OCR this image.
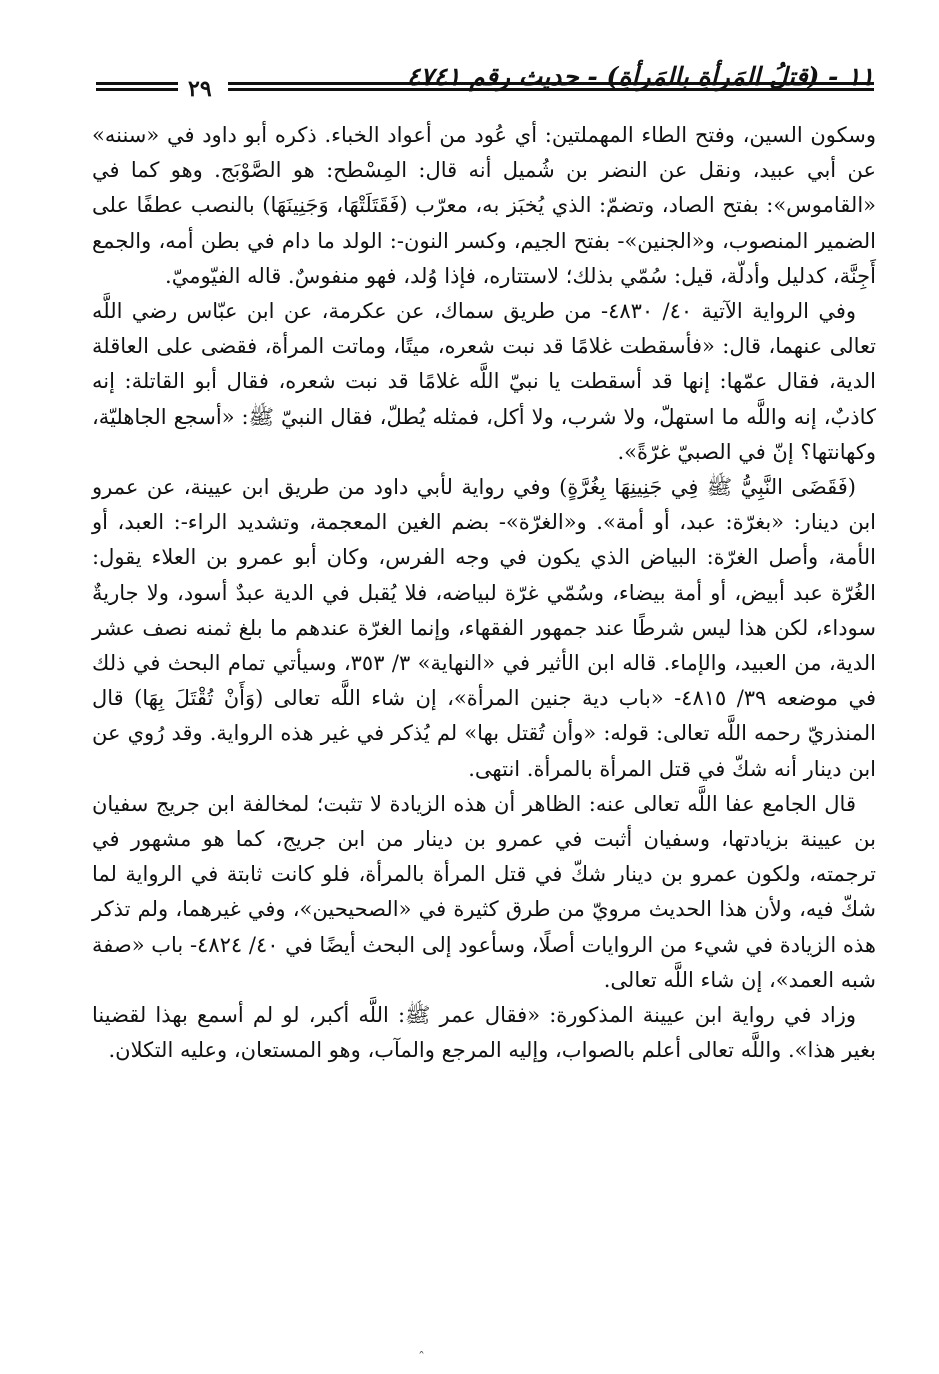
١١ - (قتلُ المَرأةِ بالمَرأةِ) - حديث رقم ٤٧٤١
٢٩

وسكون السين، وفتح الطاء المهملتين: أي عُود من أعواد الخباء. ذكره أبو داود في «سننه» عن أبي عبيد، ونقل عن النضر بن شُميل أنه قال: المِسْطح: هو الصَّوْبَج. وهو كما في «القاموس»: بفتح الصاد، وتضمّ: الذي يُخبَز به، معرّب (فَقَتَلَتْهَا، وَجَنِينَهَا) بالنصب عطفًا على الضمير المنصوب، و«الجنين»- بفتح الجيم، وكسر النون-: الولد ما دام في بطن أمه، والجمع أَجِنَّة، كدليل وأدلّة، قيل: سُمّي بذلك؛ لاستتاره، فإذا وُلد، فهو منفوسٌ. قاله الفيّوميّ.

وفي الرواية الآتية ٤٠/ ٤٨٣٠- من طريق سماك، عن عكرمة، عن ابن عبّاس رضي اللَّه تعالى عنهما، قال: «فأسقطت غلامًا قد نبت شعره، ميتًا، وماتت المرأة، فقضى على العاقلة الدية، فقال عمّها: إنها قد أسقطت يا نبيّ اللَّه غلامًا قد نبت شعره، فقال أبو القاتلة: إنه كاذبٌ، إنه واللَّه ما استهلّ، ولا شرب، ولا أكل، فمثله يُطلّ، فقال النبيّ ﷺ: «أسجع الجاهليّة، وكهانتها؟ إنّ في الصبيّ غرّةً».

(فَقَضَى النَّبِيُّ ﷺ فِي جَنِينِهَا بِغُرَّةٍ) وفي رواية لأبي داود من طريق ابن عيينة، عن عمرو ابن دينار: «بغرّة: عبد، أو أمة». و«الغرّة»- بضم الغين المعجمة، وتشديد الراء-: العبد، أو الأمة، وأصل الغرّة: البياض الذي يكون في وجه الفرس، وكان أبو عمرو بن العلاء يقول: الغُرّة عبد أبيض، أو أمة بيضاء، وسُمّي غرّة لبياضه، فلا يُقبل في الدية عبدٌ أسود، ولا جاريةٌ سوداء، لكن هذا ليس شرطًا عند جمهور الفقهاء، وإنما الغرّة عندهم ما بلغ ثمنه نصف عشر الدية، من العبيد، والإماء. قاله ابن الأثير في «النهاية» ٣/ ٣٥٣، وسيأتي تمام البحث في ذلك في موضعه ٣٩/ ٤٨١٥- «باب دية جنين المرأة»، إن شاء اللَّه تعالى (وَأَنْ تُقْتَلَ بِهَا) قال المنذريّ رحمه اللَّه تعالى: قوله: «وأن تُقتل بها» لم يُذكر في غير هذه الرواية. وقد رُوي عن ابن دينار أنه شكّ في قتل المرأة بالمرأة. انتهى.

قال الجامع عفا اللَّه تعالى عنه: الظاهر أن هذه الزيادة لا تثبت؛ لمخالفة ابن جريج سفيان بن عيينة بزيادتها، وسفيان أثبت في عمرو بن دينار من ابن جريج، كما هو مشهور في ترجمته، ولكون عمرو بن دينار شكّ في قتل المرأة بالمرأة، فلو كانت ثابتة في الرواية لما شكّ فيه، ولأن هذا الحديث مرويّ من طرق كثيرة في «الصحيحين»، وفي غيرهما، ولم تذكر هذه الزيادة في شيء من الروايات أصلًا، وسأعود إلى البحث أيضًا في ٤٠/ ٤٨٢٤- باب «صفة شبه العمد»، إن شاء اللَّه تعالى.

وزاد في رواية ابن عيينة المذكورة: «فقال عمر ﷺ: اللَّه أكبر، لو لم أسمع بهذا لقضينا بغير هذا». واللَّه تعالى أعلم بالصواب، وإليه المرجع والمآب، وهو المستعان، وعليه التكلان.

ˆ
